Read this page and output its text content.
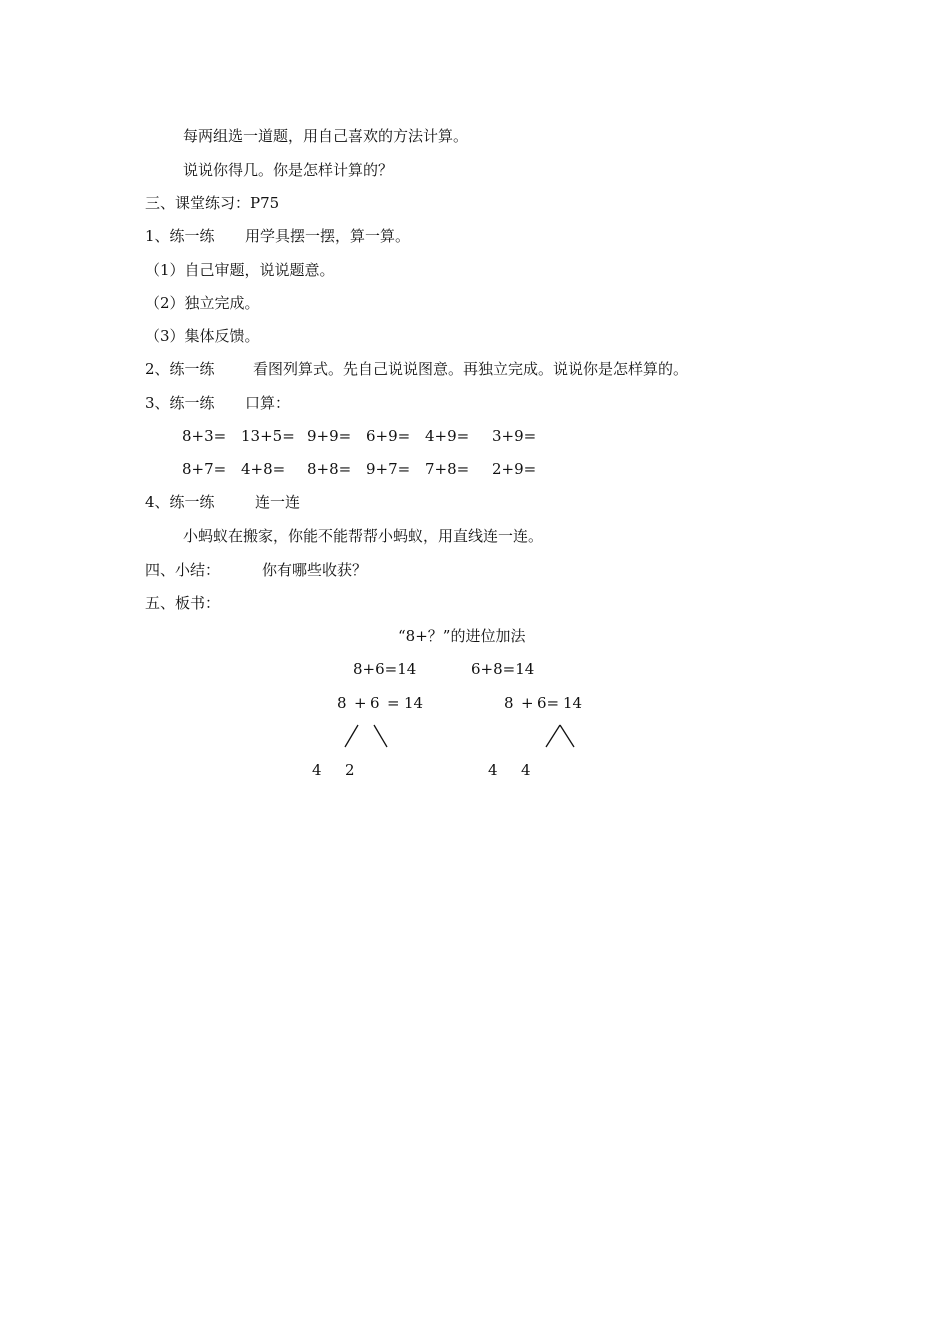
每两组选一道题，用自己喜欢的方法计算。
说说你得几。你是怎样计算的？
三、课堂练习：P75
1、练一练 用学具摆一摆，算一算。
（1）自己审题，说说题意。
（2）独立完成。
（3）集体反馈。
2、练一练	看图列算式。先自己说说图意。再独立完成。说说你是怎样算的。
3、练一练 口算：
8+3= 13+5= 9+9= 6+9= 4+9= 3+9=
8+7= 4+8= 8+8= 9+7= 7+8= 2+9=
4、练一练	连一连
小蚂蚁在搬家，你能不能帮帮小蚂蚁，用直线连一连。
四、小结：	你有哪些收获？
五、板书：
“8+？”的进位加法
8+6=14	6+8=14
8 + 6 = 14
4 2
8 + 6= 14
4 4
